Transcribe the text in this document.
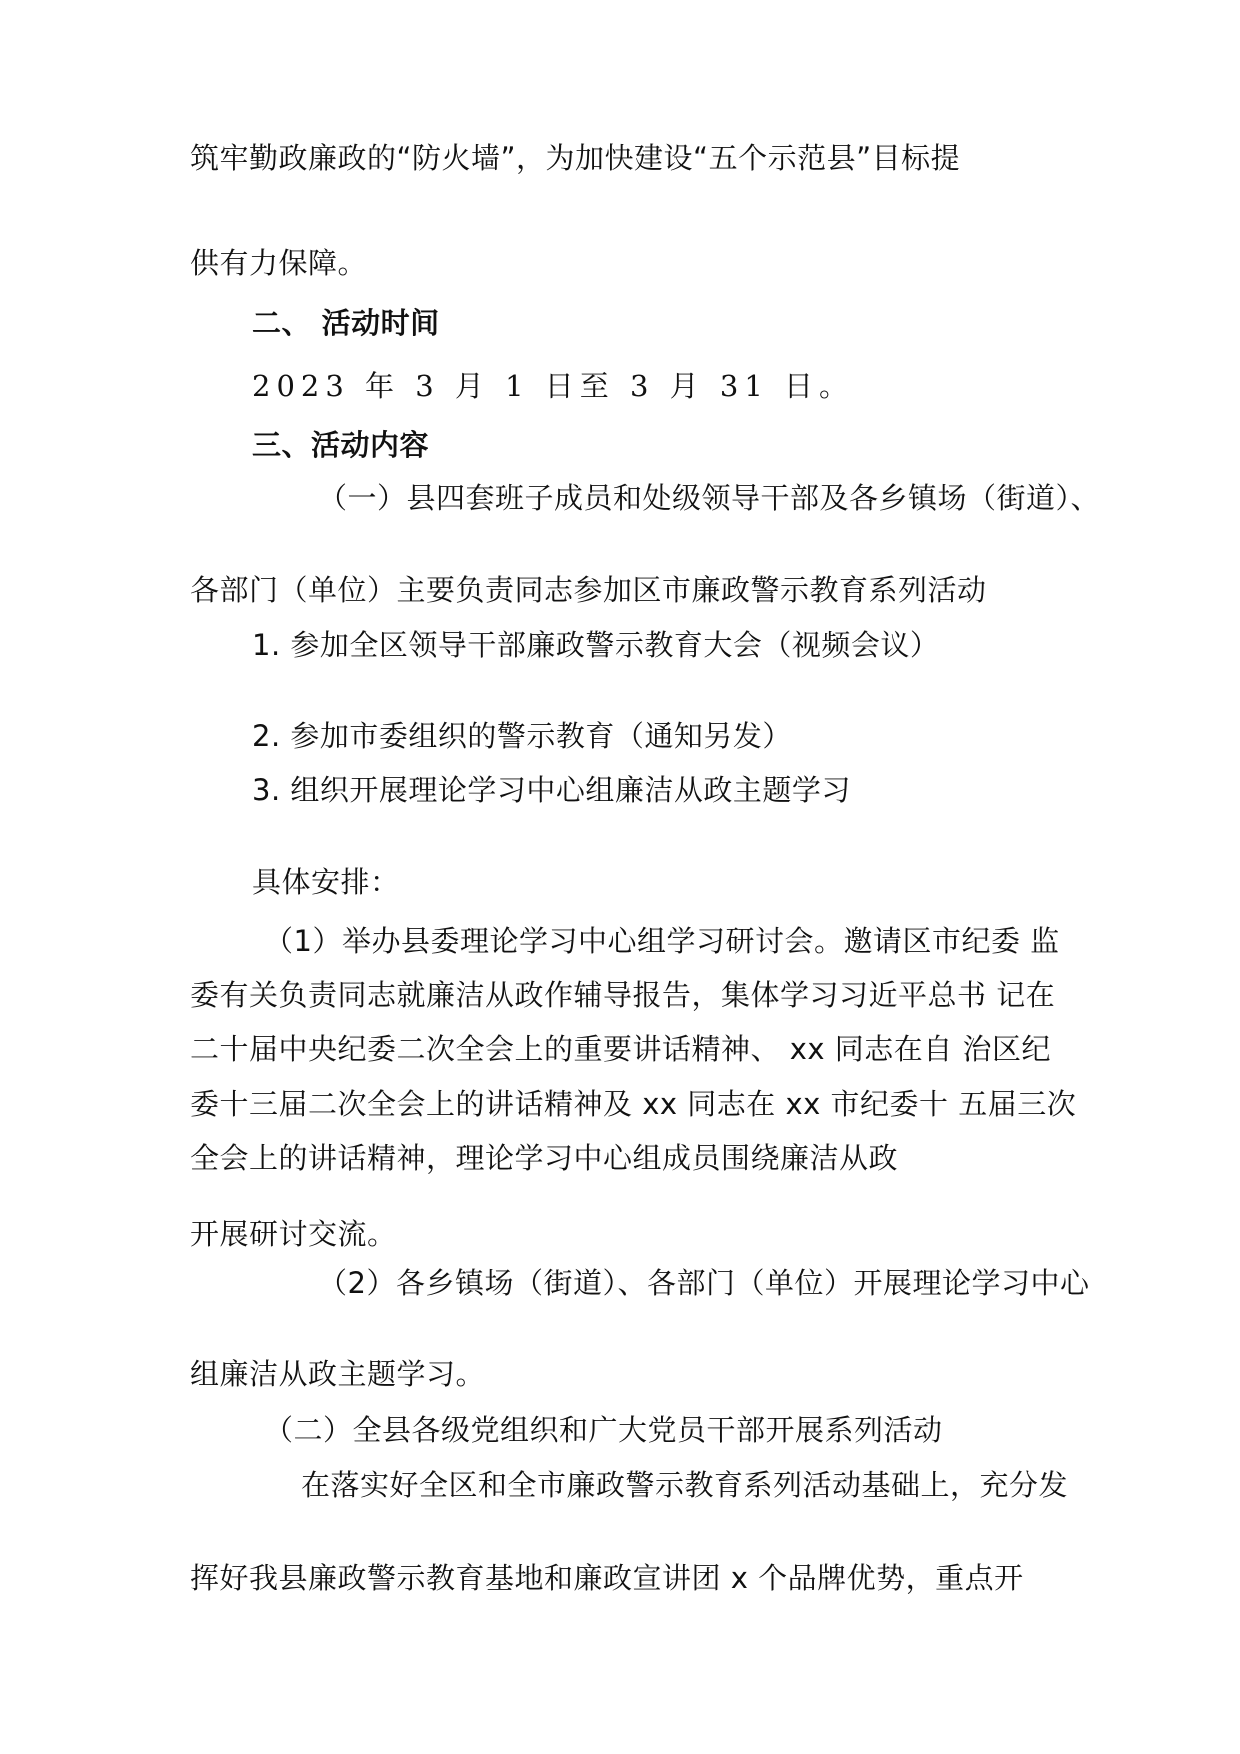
筑牢勤政廉政的“防火墙”，为加快建设“五个示范县”目标提
供有力保障。
二、 活动时间
2023 年 3 月 1 日至 3 月 31 日。
三、活动内容
（一）县四套班子成员和处级领导干部及各乡镇场（街道）、
各部门（单位）主要负责同志参加区市廉政警示教育系列活动
1. 参加全区领导干部廉政警示教育大会（视频会议）
2. 参加市委组织的警示教育（通知另发）
3. 组织开展理论学习中心组廉洁从政主题学习
具体安排：
（1）举办县委理论学习中心组学习研讨会。邀请区市纪委 监
委有关负责同志就廉洁从政作辅导报告，集体学习习近平总书 记在
二十届中央纪委二次全会上的重要讲话精神、 xx 同志在自 治区纪
委十三届二次全会上的讲话精神及 xx 同志在 xx 市纪委十 五届三次
全会上的讲话精神，理论学习中心组成员围绕廉洁从政
开展研讨交流。
（2）各乡镇场（街道）、各部门（单位）开展理论学习中心
组廉洁从政主题学习。
（二）全县各级党组织和广大党员干部开展系列活动
在落实好全区和全市廉政警示教育系列活动基础上，充分发
挥好我县廉政警示教育基地和廉政宣讲团 x 个品牌优势，重点开
